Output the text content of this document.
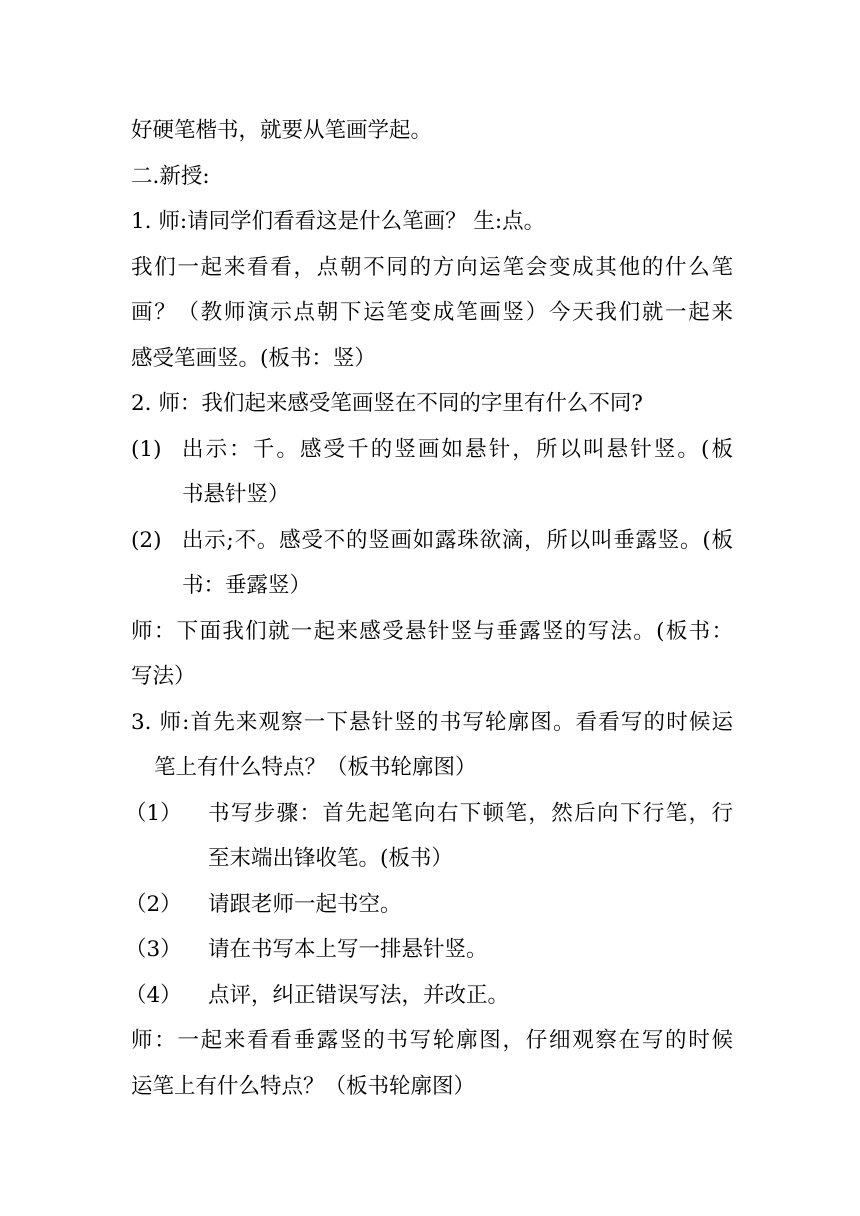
好硬笔楷书，就要从笔画学起。
二.新授:
1. 师:请同学们看看这是什么笔画？ 生:点。
我们一起来看看，点朝不同的方向运笔会变成其他的什么笔
画？（教师演示点朝下运笔变成笔画竖）今天我们就一起来
感受笔画竖。(板书：竖）
2. 师：我们起来感受笔画竖在不同的字里有什么不同?
(1) 出示：千。感受千的竖画如悬针，所以叫悬针竖。(板
书悬针竖）
(2) 出示;不。感受不的竖画如露珠欲滴，所以叫垂露竖。(板
书：垂露竖）
师：下面我们就一起来感受悬针竖与垂露竖的写法。(板书：
写法）
3. 师:首先来观察一下悬针竖的书写轮廓图。看看写的时候运
笔上有什么特点？（板书轮廓图）
（1）	书写步骤：首先起笔向右下顿笔，然后向下行笔，行
至末端出锋收笔。(板书）
（2）	请跟老师一起书空。
（3）	请在书写本上写一排悬针竖。
（4）	点评，纠正错误写法，并改正。
师：一起来看看垂露竖的书写轮廓图，仔细观察在写的时候
运笔上有什么特点？（板书轮廓图）
